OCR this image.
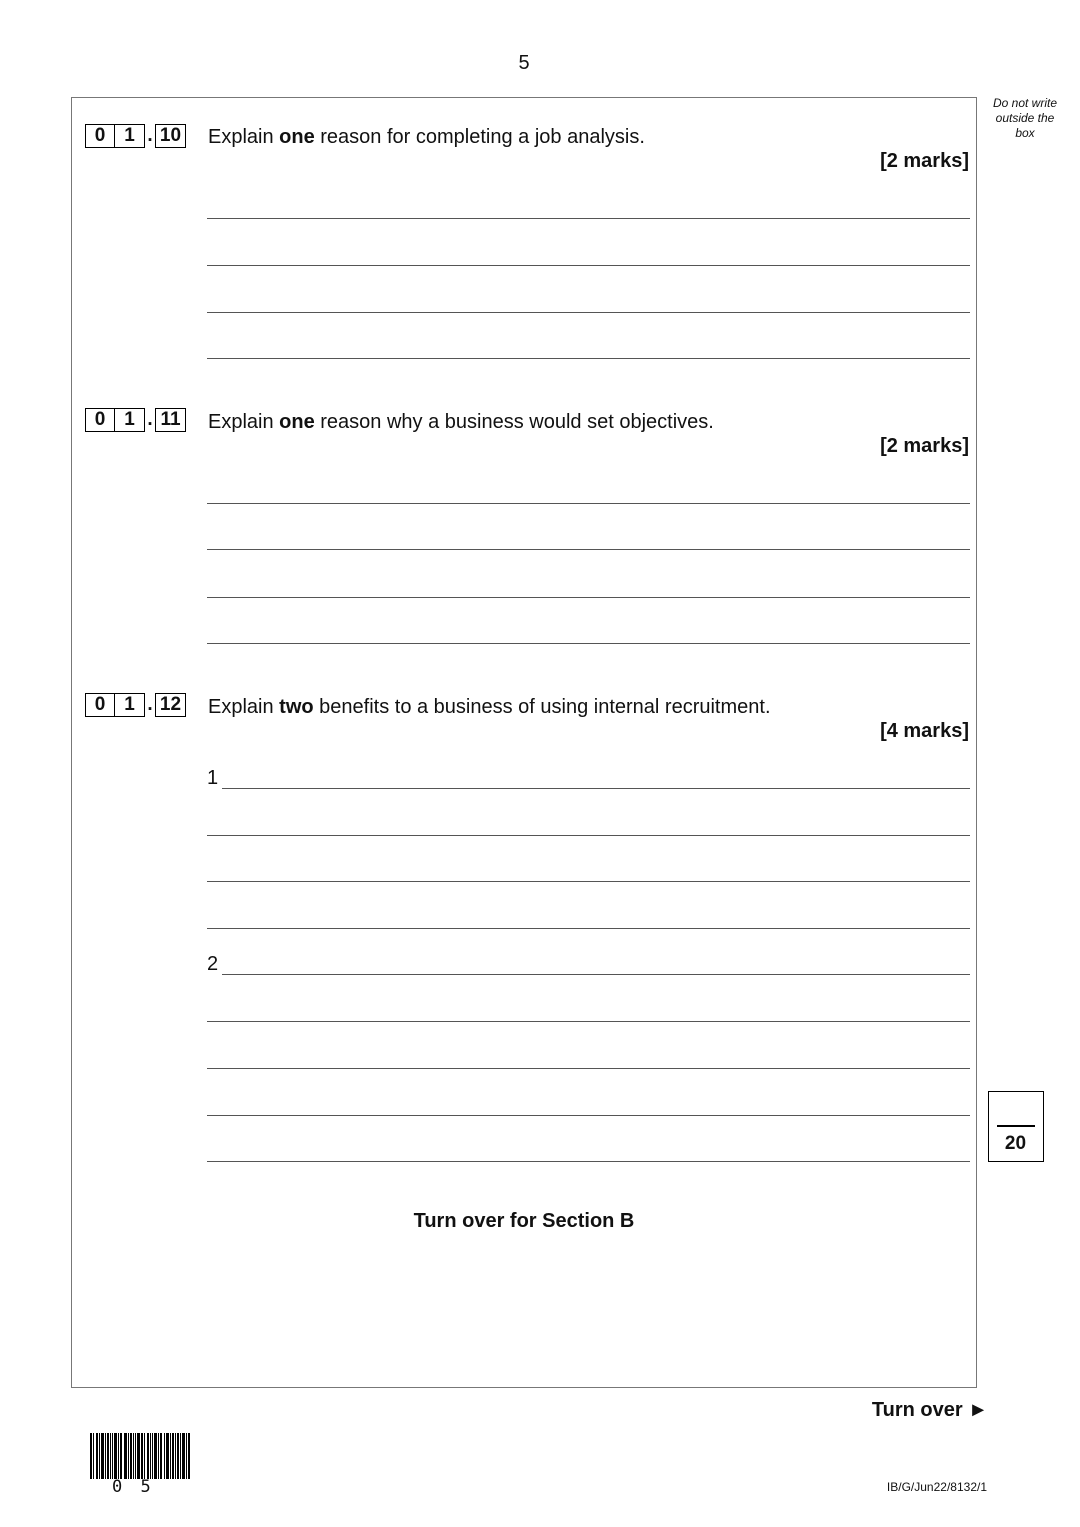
5
Do not write outside the box
0 1 . 10 Explain one reason for completing a job analysis.
[2 marks]
0 1 . 11 Explain one reason why a business would set objectives.
[2 marks]
0 1 . 12 Explain two benefits to a business of using internal recruitment.
[4 marks]
1
2
Turn over for Section B
20
Turn over ►
0 5	IB/G/Jun22/8132/1
